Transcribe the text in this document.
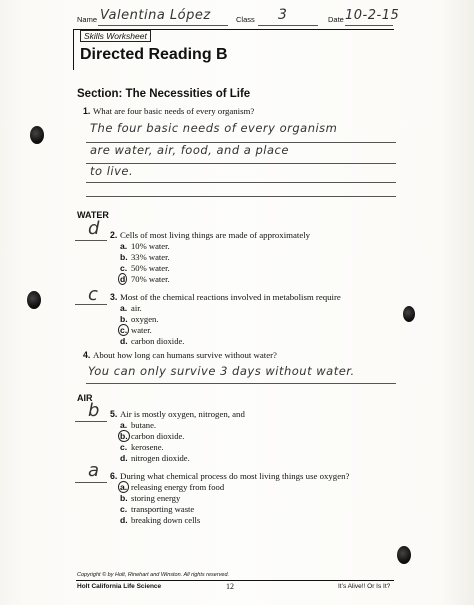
Name Valentina López	Class 3	Date 10-2-15
Skills Worksheet
Directed Reading B
Section: The Necessities of Life
1. What are four basic needs of every organism?
The four basic needs of every organism
are water, air, food, and a place
to live.
WATER
d 2. Cells of most living things are made of approximately
a. 10% water.
b. 33% water.
c. 50% water.
d 70% water.
c 3. Most of the chemical reactions involved in metabolism require
a. air.
b. oxygen.
c. water.
d. carbon dioxide.
4. About how long can humans survive without water?
You can only survive 3 days without water.
AIR
b 5. Air is mostly oxygen, nitrogen, and
a. butane.
b. carbon dioxide.
c. kerosene.
d. nitrogen dioxide.
a 6. During what chemical process do most living things use oxygen?
a. releasing energy from food
b. storing energy
c. transporting waste
d. breaking down cells
Copyright © by Holt, Rinehart and Winston. All rights reserved.
Holt California Life Science	12	It’s Alive!! Or Is It?
